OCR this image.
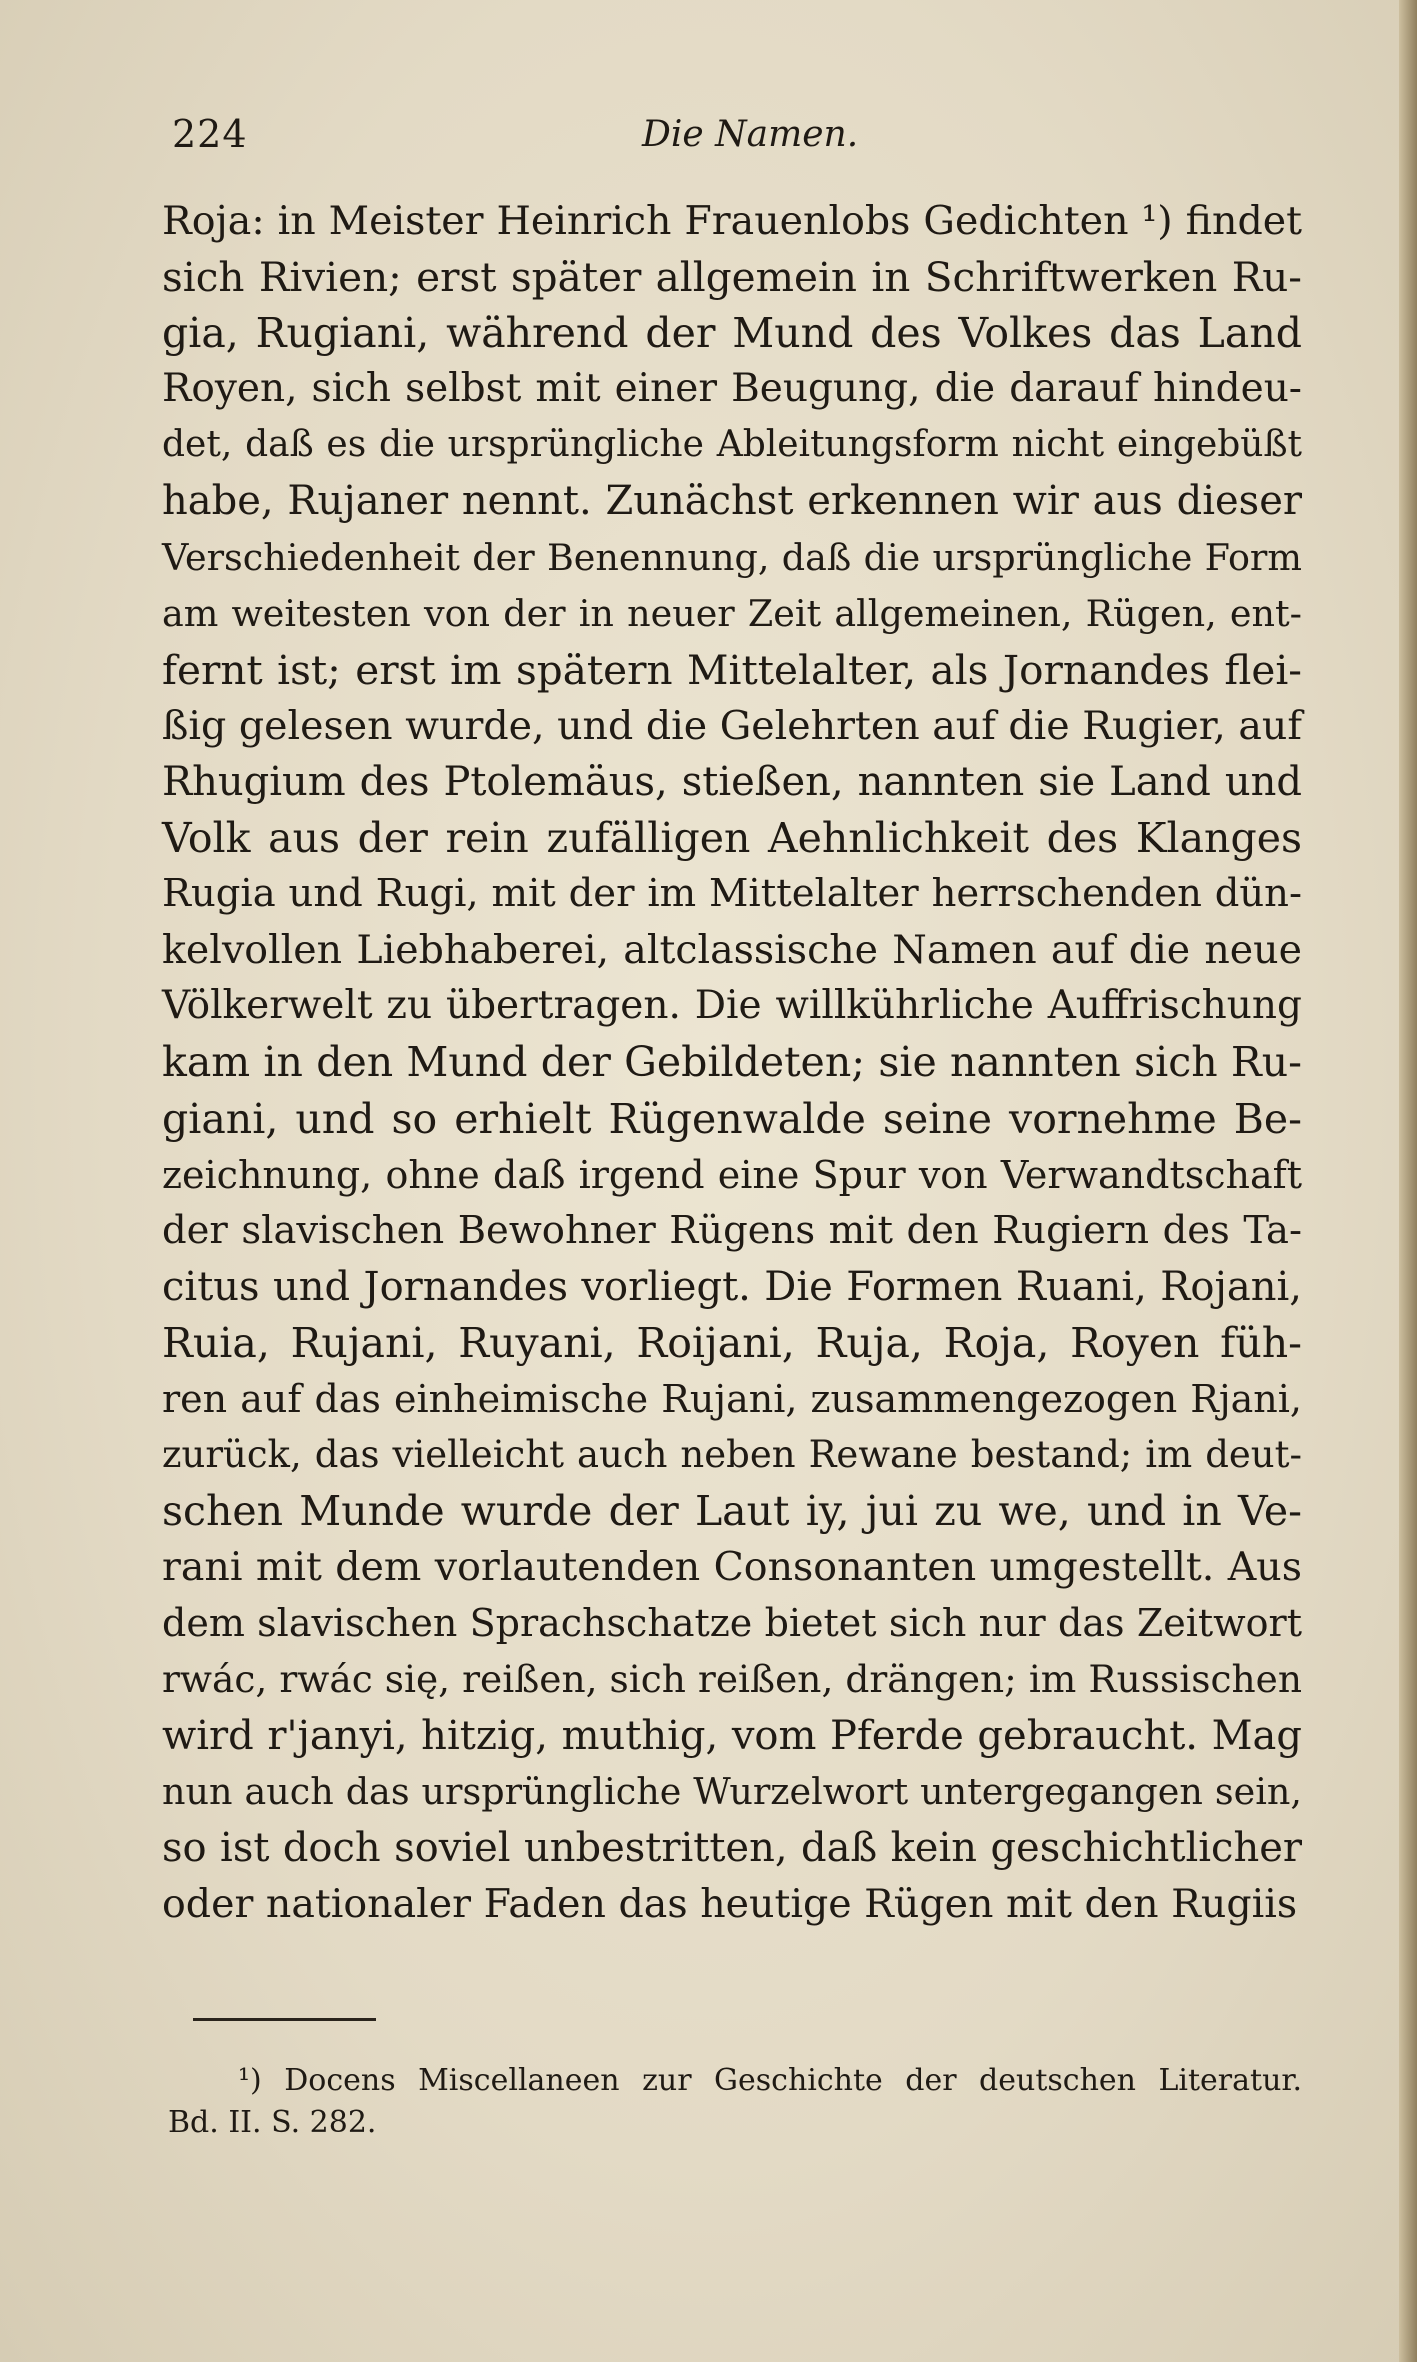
224	Die Namen.
Roja: in Meister Heinrich Frauenlobs Gedichten ¹) findet
sich Rivien; erst später allgemein in Schriftwerken Ru-
gia, Rugiani, während der Mund des Volkes das Land
Royen, sich selbst mit einer Beugung, die darauf hindeu-
det, daß es die ursprüngliche Ableitungsform nicht eingebüßt
habe, Rujaner nennt. Zunächst erkennen wir aus dieser
Verschiedenheit der Benennung, daß die ursprüngliche Form
am weitesten von der in neuer Zeit allgemeinen, Rügen, ent-
fernt ist; erst im spätern Mittelalter, als Jornandes flei-
ßig gelesen wurde, und die Gelehrten auf die Rugier, auf
Rhugium des Ptolemäus, stießen, nannten sie Land und
Volk aus der rein zufälligen Aehnlichkeit des Klanges
Rugia und Rugi, mit der im Mittelalter herrschenden dün-
kelvollen Liebhaberei, altclassische Namen auf die neue
Völkerwelt zu übertragen. Die willkührliche Auffrischung
kam in den Mund der Gebildeten; sie nannten sich Ru-
giani, und so erhielt Rügenwalde seine vornehme Be-
zeichnung, ohne daß irgend eine Spur von Verwandtschaft
der slavischen Bewohner Rügens mit den Rugiern des Ta-
citus und Jornandes vorliegt. Die Formen Ruani, Rojani,
Ruia, Rujani, Ruyani, Roijani, Ruja, Roja, Royen füh-
ren auf das einheimische Rujani, zusammengezogen Rjani,
zurück, das vielleicht auch neben Rewane bestand; im deut-
schen Munde wurde der Laut iy, jui zu we, und in Ve-
rani mit dem vorlautenden Consonanten umgestellt. Aus
dem slavischen Sprachschatze bietet sich nur das Zeitwort
rwác, rwác się, reißen, sich reißen, drängen; im Russischen
wird r'janyi, hitzig, muthig, vom Pferde gebraucht. Mag
nun auch das ursprüngliche Wurzelwort untergegangen sein,
so ist doch soviel unbestritten, daß kein geschichtlicher
oder nationaler Faden das heutige Rügen mit den Rugiis
¹) Docens Miscellaneen zur Geschichte der deutschen Literatur.
Bd. II. S. 282.
